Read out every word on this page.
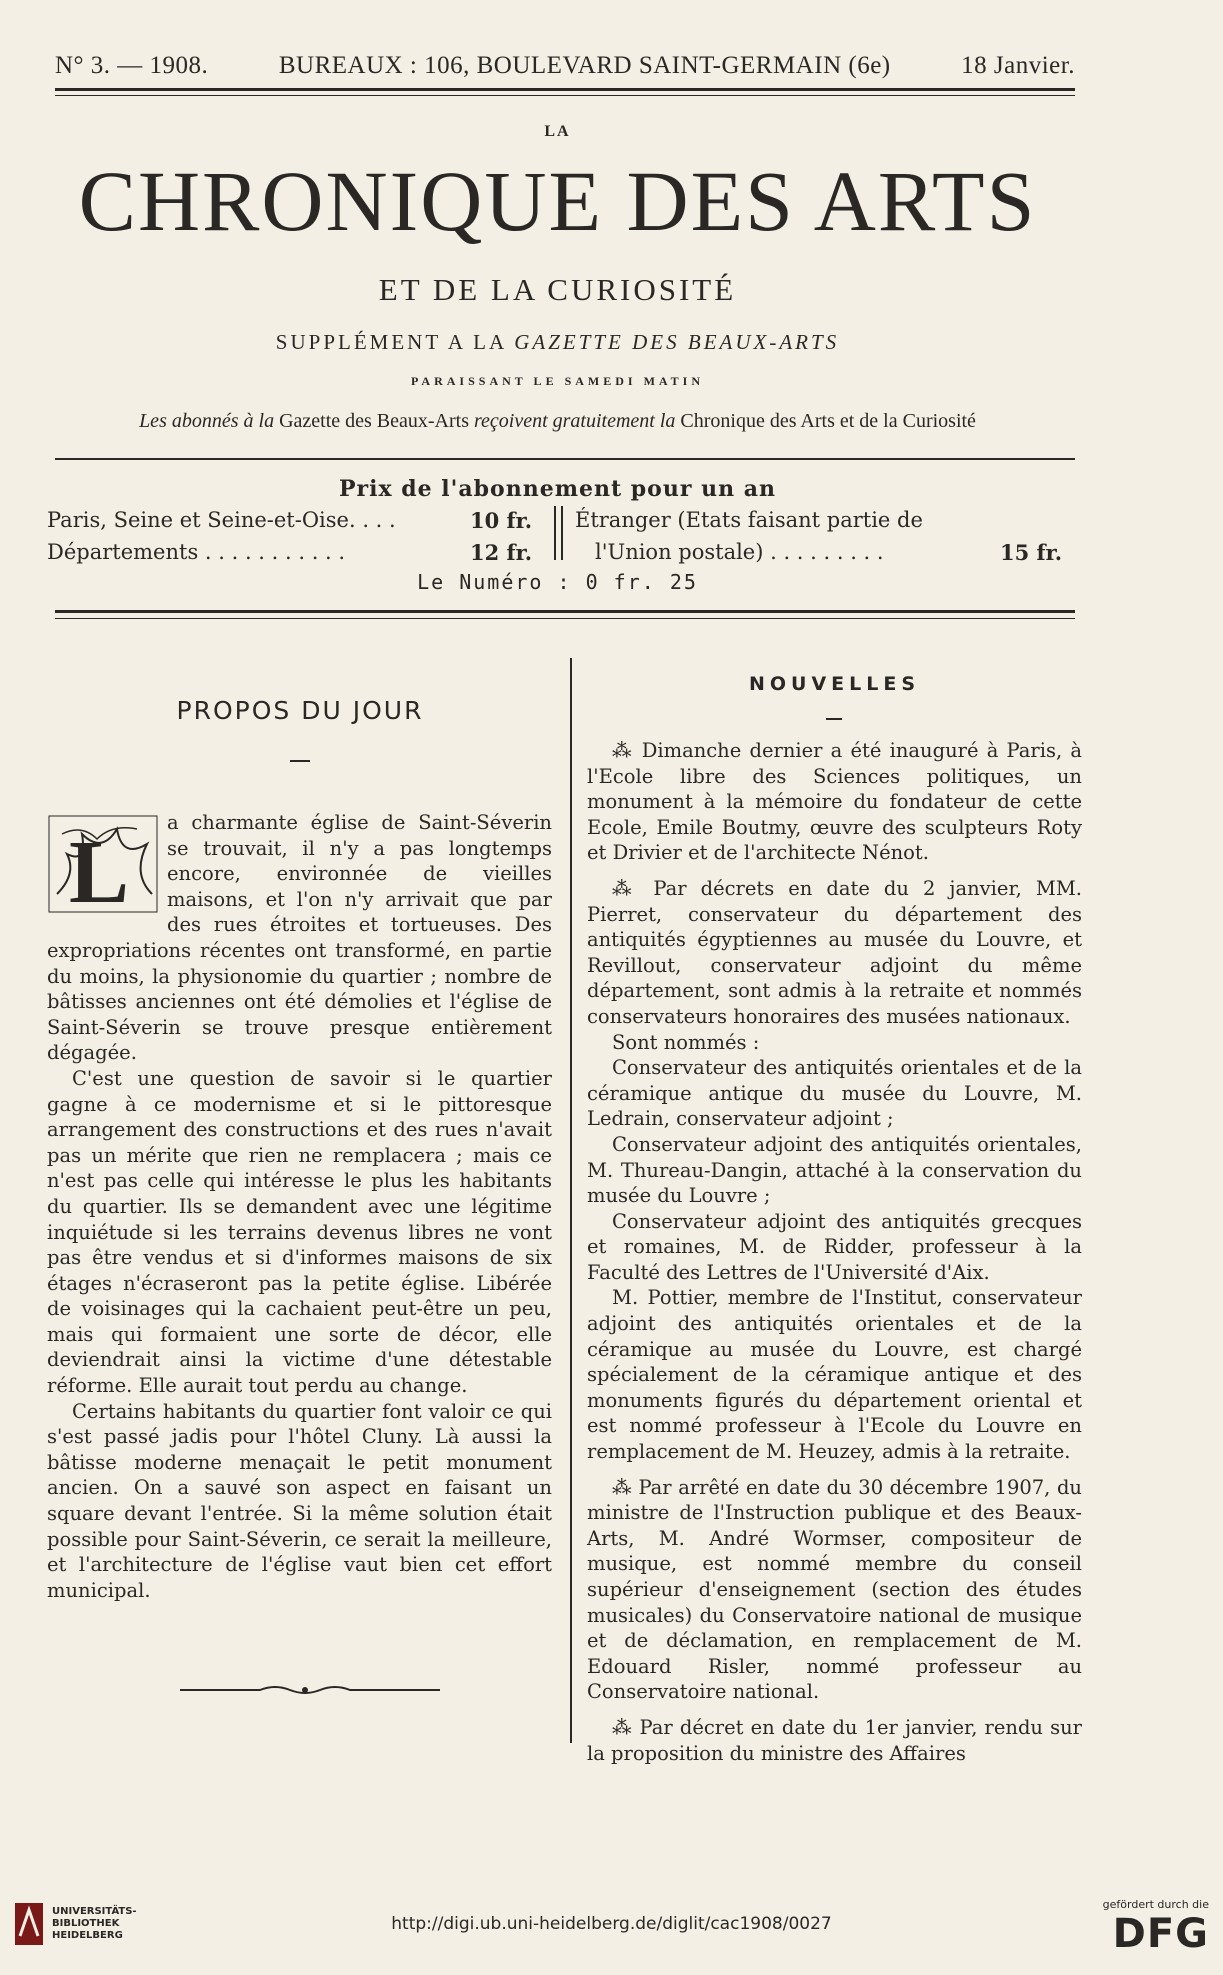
N° 3. — 1908.	BUREAUX : 106, BOULEVARD SAINT-GERMAIN (6e)	18 Janvier.
LA
CHRONIQUE DES ARTS
ET DE LA CURIOSITÉ
SUPPLÉMENT A LA GAZETTE DES BEAUX-ARTS
PARAISSANT LE SAMEDI MATIN
Les abonnés à la Gazette des Beaux-Arts reçoivent gratuitement la Chronique des Arts et de la Curiosité
Prix de l'abonnement pour un an
Paris, Seine et Seine-et-Oise. . . .	10 fr.
Départements . . . . . . . . . . .	12 fr.
Étranger (Etats faisant partie de
l'Union postale) . . . . . . . . .	15 fr.
Le Numéro : 0 fr. 25
PROPOS DU JOUR
L

a charmante église de Saint-Séverin se trouvait, il n'y a pas longtemps encore, environnée de vieilles maisons, et l'on n'y arrivait que par des rues étroites et tortueuses. Des expropriations récentes ont transformé, en partie du moins, la physionomie du quartier ; nombre de bâtisses anciennes ont été démolies et l'église de Saint-Séverin se trouve presque entièrement dégagée.

C'est une question de savoir si le quartier gagne à ce modernisme et si le pittoresque arrangement des constructions et des rues n'avait pas un mérite que rien ne remplacera ; mais ce n'est pas celle qui intéresse le plus les habitants du quartier. Ils se demandent avec une légitime inquiétude si les terrains devenus libres ne vont pas être vendus et si d'informes maisons de six étages n'écraseront pas la petite église. Libérée de voisinages qui la cachaient peut-être un peu, mais qui formaient une sorte de décor, elle deviendrait ainsi la victime d'une détestable réforme. Elle aurait tout perdu au change.

Certains habitants du quartier font valoir ce qui s'est passé jadis pour l'hôtel Cluny. Là aussi la bâtisse moderne menaçait le petit monument ancien. On a sauvé son aspect en faisant un square devant l'entrée. Si la même solution était possible pour Saint-Séverin, ce serait la meilleure, et l'architecture de l'église vaut bien cet effort municipal.

NOUVELLES

⁂ Dimanche dernier a été inauguré à Paris, à l'Ecole libre des Sciences politiques, un monument à la mémoire du fondateur de cette Ecole, Emile Boutmy, œuvre des sculpteurs Roty et Drivier et de l'architecte Nénot.

⁂ Par décrets en date du 2 janvier, MM. Pierret, conservateur du département des antiquités égyptiennes au musée du Louvre, et Revillout, conservateur adjoint du même département, sont admis à la retraite et nommés conservateurs honoraires des musées nationaux.

Sont nommés :

Conservateur des antiquités orientales et de la céramique antique du musée du Louvre, M. Ledrain, conservateur adjoint ;

Conservateur adjoint des antiquités orientales, M. Thureau-Dangin, attaché à la conservation du musée du Louvre ;

Conservateur adjoint des antiquités grecques et romaines, M. de Ridder, professeur à la Faculté des Lettres de l'Université d'Aix.

M. Pottier, membre de l'Institut, conservateur adjoint des antiquités orientales et de la céramique au musée du Louvre, est chargé spécialement de la céramique antique et des monuments figurés du département oriental et est nommé professeur à l'Ecole du Louvre en remplacement de M. Heuzey, admis à la retraite.

⁂ Par arrêté en date du 30 décembre 1907, du ministre de l'Instruction publique et des Beaux-Arts, M. André Wormser, compositeur de musique, est nommé membre du conseil supérieur d'enseignement (section des études musicales) du Conservatoire national de musique et de déclamation, en remplacement de M. Edouard Risler, nommé professeur au Conservatoire national.

⁂ Par décret en date du 1er janvier, rendu sur la proposition du ministre des Affaires

UNIVERSITÄTS-
BIBLIOTHEK
HEIDELBERG
http://digi.ub.uni-heidelberg.de/diglit/cac1908/0027
gefördert durch die
DFG
